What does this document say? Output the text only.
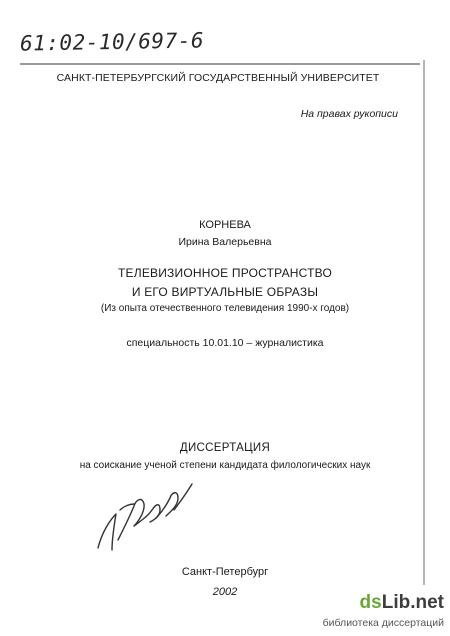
61:02-10/697-6
САНКТ-ПЕТЕРБУРГСКИЙ ГОСУДАРСТВЕННЫЙ УНИВЕРСИТЕТ
На правах рукописи
КОРНЕВА
Ирина Валерьевна
ТЕЛЕВИЗИОННОЕ ПРОСТРАНСТВО
И ЕГО ВИРТУАЛЬНЫЕ ОБРАЗЫ
(Из опыта отечественного телевидения 1990-х годов)
специальность 10.01.10 – журналистика
ДИССЕРТАЦИЯ
на соискание ученой степени кандидата филологических наук
Санкт-Петербург
2002	dsLib.net
библиотека диссертаций
